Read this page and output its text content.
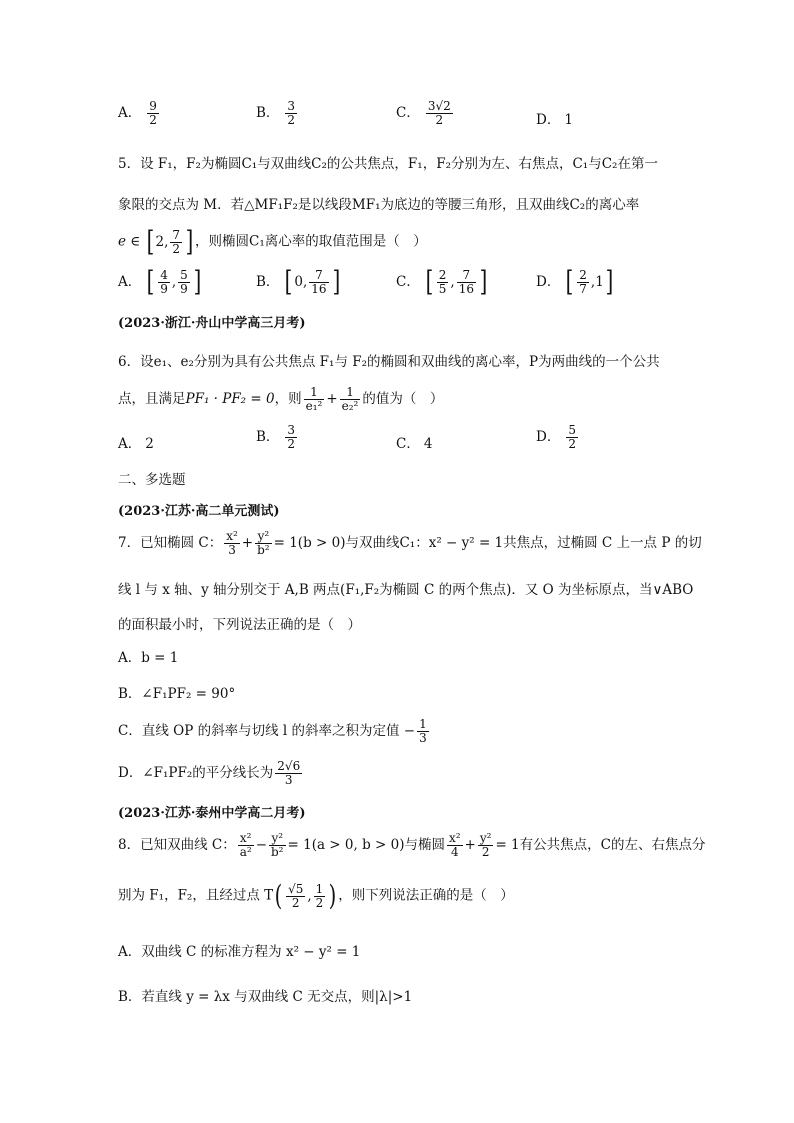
A． $\frac{9}{2}$	B． $\frac{3}{2}$	C． $\frac{3√2}{2}$	D． 1
5．设 F₁，F₂为椭圆C₁与双曲线C₂的公共焦点，F₁，F₂分别为左、右焦点，C₁与C₂在第一
象限的交点为 M．若△MF₁F₂是以线段MF₁为底边的等腰三角形，且双曲线C₂的离心率
e ∈ [ 2, $\frac{7}{2}$ ] ，则椭圆C₁离心率的取值范围是（　）
A． [ $\frac{4}{9}$ , $\frac{5}{9}$ ]	B． [ 0, $\frac{7}{16}$ ]	C． [ $\frac{2}{5}$ , $\frac{7}{16}$ ]	D． [ $\frac{2}{7} ,1$ ]
(2023·浙江·舟山中学高三月考)
6．设e₁、e₂分别为具有公共焦点 F₁与 F₂的椭圆和双曲线的离心率，P为两曲线的一个公共
点，且满足PF₁ · PF₂ = 0，则 $\frac{1}{\text{e₁²}} + \frac{1}{\text{e₂²}}$ 的值为（　）
A． 2	B． $\frac{3}{2}$	C． 4	D． $\frac{5}{2}$
二、多选题
(2023·江苏·高二单元测试)
7．已知椭圆 C： $\frac{\text{x²}}{3} + \frac{\text{y²}}{\text{b²}} = 1(b > 0)$与双曲线C₁：x² − y² = 1共焦点，过椭圆 C 上一点 P 的切
线 l 与 x 轴、y 轴分别交于 A,B 两点(F₁,F₂为椭圆 C 的两个焦点)．又 O 为坐标原点，当∨ABO
的面积最小时，下列说法正确的是（　）
A．b = 1
B．∠F₁PF₂ = 90°
C．直线 OP 的斜率与切线 l 的斜率之积为定值 − $\frac{1}{3}$
D．∠F₁PF₂的平分线长为 $\frac{2√6}{3}$
(2023·江苏·泰州中学高二月考)
8．已知双曲线 C： $\frac{\text{x²}}{\text{a²}} - \frac{\text{y²}}{\text{b²}} = 1(a > 0$, b > 0)与椭圆 $\frac{\text{x²}}{4} + \frac{\text{y²}}{2} = 1$有公共焦点，C的左、右焦点分
别为 F₁，F₂，且经过点 T ( $\frac{√5}{2}$ , $\frac{1}{2}$ ) ，则下列说法正确的是（　）
A．双曲线 C 的标准方程为 x² − y² = 1
B．若直线 y = λx 与双曲线 C 无交点，则|λ|>1
